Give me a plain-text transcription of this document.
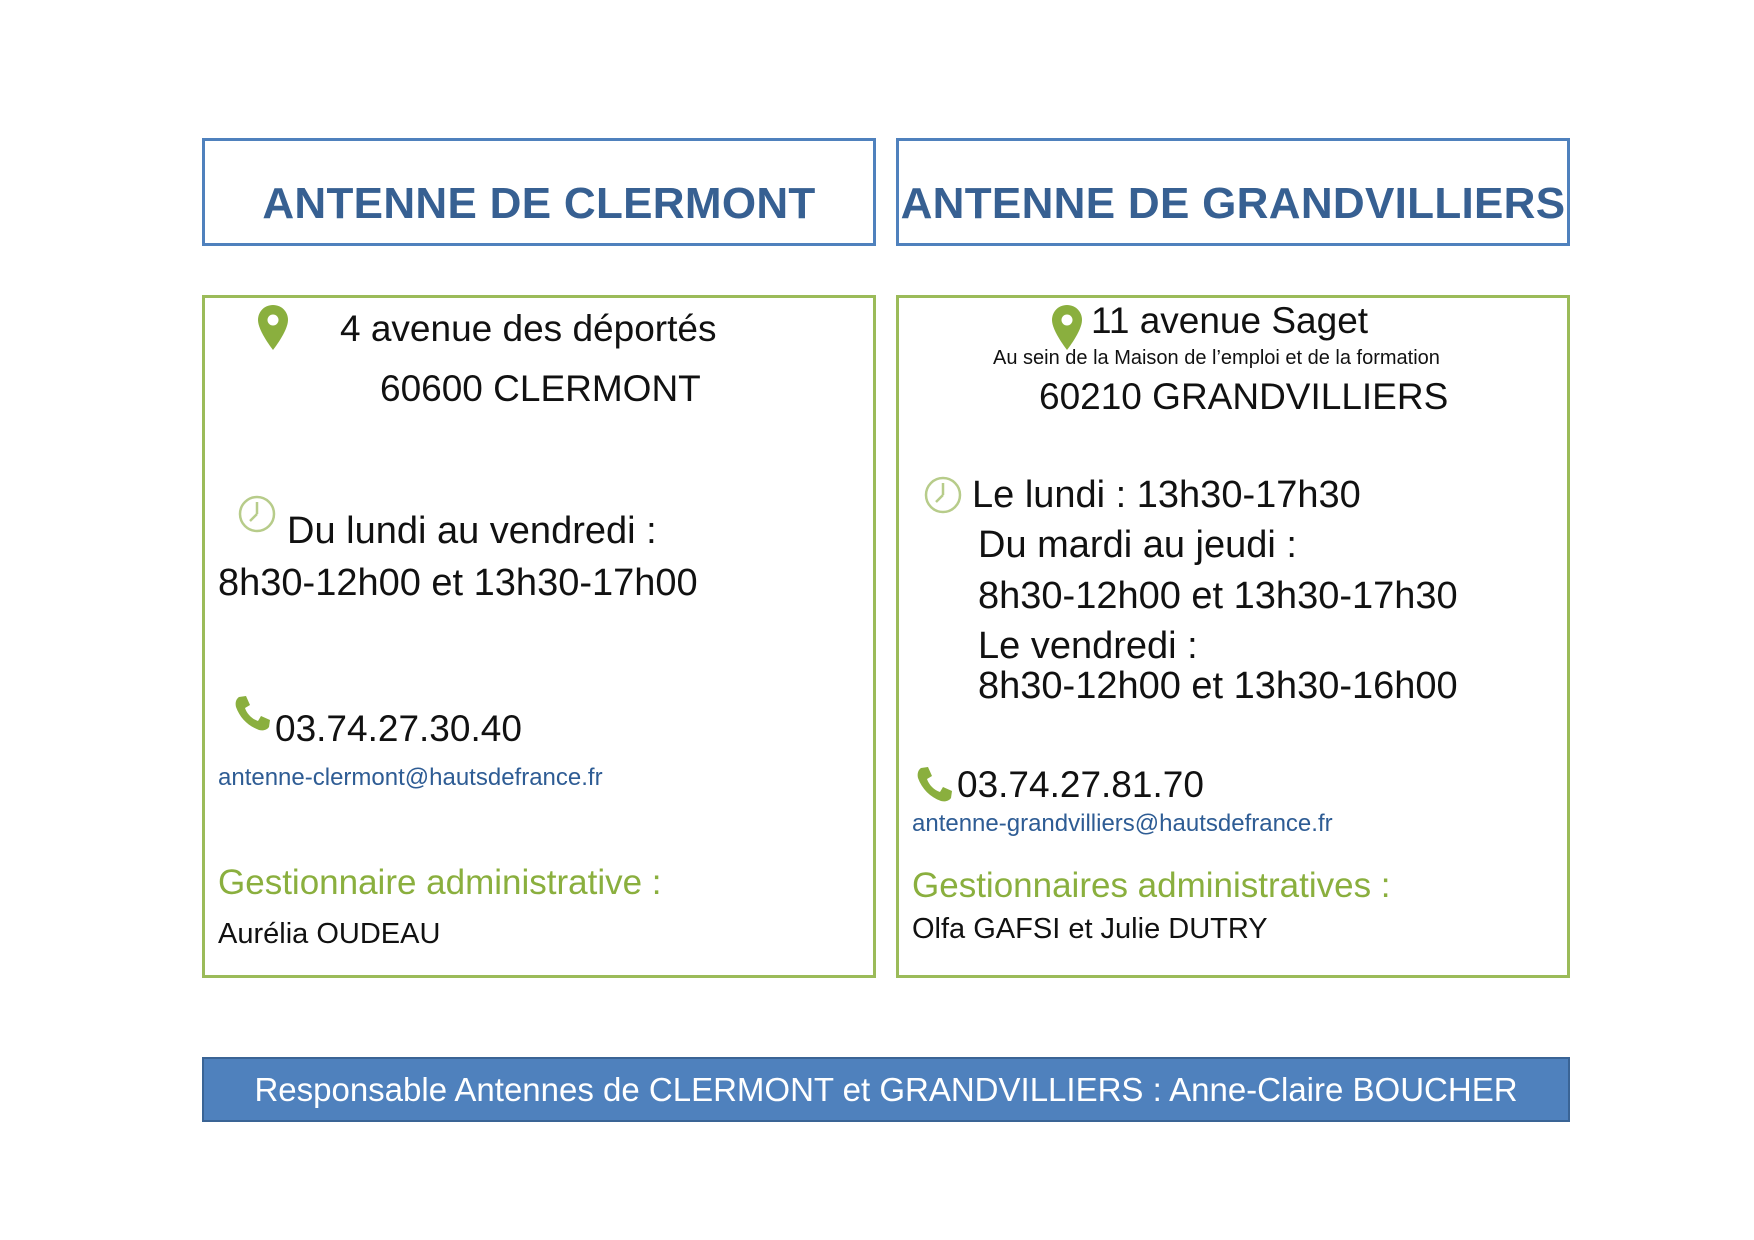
ANTENNE DE CLERMONT	ANTENNE DE GRANDVILLIERS
4 avenue des déportés
60600 CLERMONT
Du lundi au vendredi :
8h30-12h00 et 13h30-17h00
03.74.27.30.40
antenne-clermont@hautsdefrance.fr
Gestionnaire administrative :
Aurélia OUDEAU
11 avenue Saget
Au sein de la Maison de l’emploi et de la formation
60210 GRANDVILLIERS
Le lundi : 13h30-17h30
Du mardi au jeudi :
8h30-12h00 et 13h30-17h30
Le vendredi :
8h30-12h00 et 13h30-16h00
03.74.27.81.70
antenne-grandvilliers@hautsdefrance.fr
Gestionnaires administratives :
Olfa GAFSI et Julie DUTRY
Responsable Antennes de CLERMONT et GRANDVILLIERS : Anne-Claire BOUCHER
